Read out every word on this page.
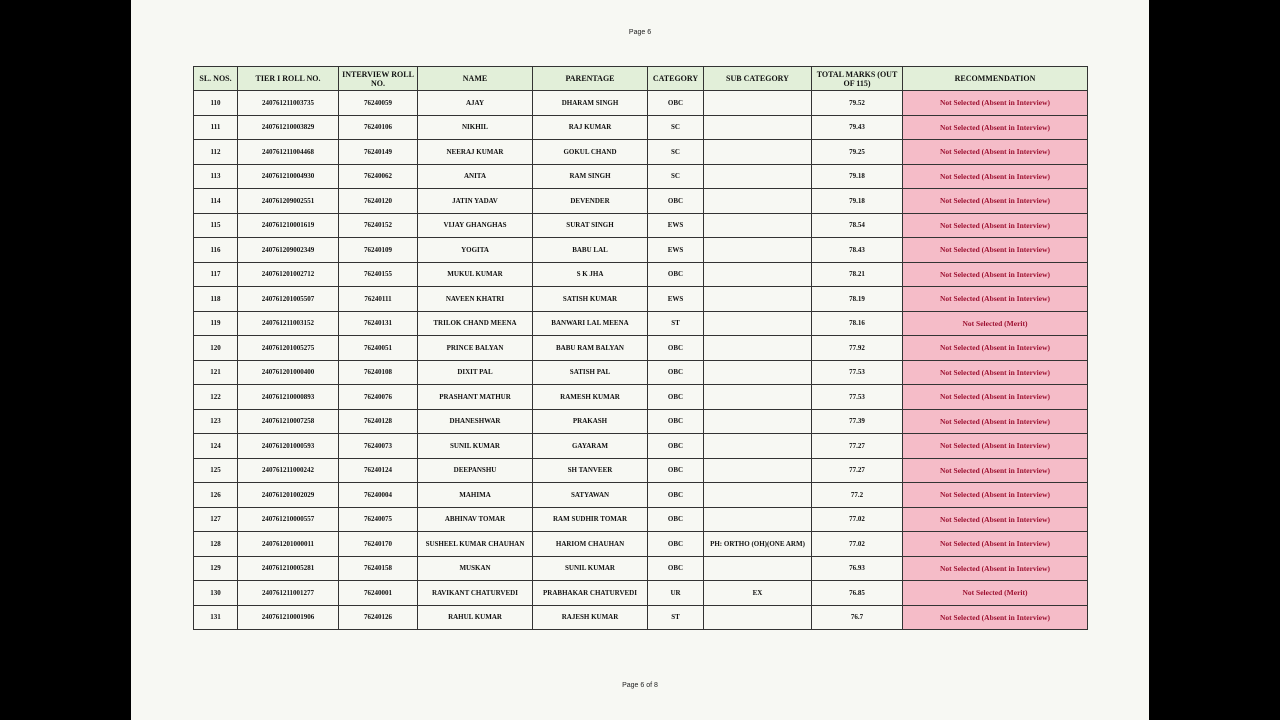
Page 6
SL. NOS.	TIER I ROLL NO.	INTERVIEW ROLL NO.	NAME	PARENTAGE	CATEGORY	SUB CATEGORY	TOTAL MARKS (OUT OF 115)	RECOMMENDATION
110	240761211003735	76240059	AJAY	DHARAM SINGH	OBC		79.52	Not Selected (Absent in Interview)
111	240761210003829	76240106	NIKHIL	RAJ KUMAR	SC		79.43	Not Selected (Absent in Interview)
112	240761211004468	76240149	NEERAJ KUMAR	GOKUL CHAND	SC		79.25	Not Selected (Absent in Interview)
113	240761210004930	76240062	ANITA	RAM SINGH	SC		79.18	Not Selected (Absent in Interview)
114	240761209002551	76240120	JATIN YADAV	DEVENDER	OBC		79.18	Not Selected (Absent in Interview)
115	240761210001619	76240152	VIJAY GHANGHAS	SURAT SINGH	EWS		78.54	Not Selected (Absent in Interview)
116	240761209002349	76240109	YOGITA	BABU LAL	EWS		78.43	Not Selected (Absent in Interview)
117	240761201002712	76240155	MUKUL KUMAR	S K JHA	OBC		78.21	Not Selected (Absent in Interview)
118	240761201005507	76240111	NAVEEN KHATRI	SATISH KUMAR	EWS		78.19	Not Selected (Absent in Interview)
119	240761211003152	76240131	TRILOK CHAND MEENA	BANWARI LAL MEENA	ST		78.16	Not Selected (Merit)
120	240761201005275	76240051	PRINCE BALYAN	BABU RAM BALYAN	OBC		77.92	Not Selected (Absent in Interview)
121	240761201000400	76240108	DIXIT PAL	SATISH PAL	OBC		77.53	Not Selected (Absent in Interview)
122	240761210000893	76240076	PRASHANT MATHUR	RAMESH KUMAR	OBC		77.53	Not Selected (Absent in Interview)
123	240761210007258	76240128	DHANESHWAR	PRAKASH	OBC		77.39	Not Selected (Absent in Interview)
124	240761201000593	76240073	SUNIL KUMAR	GAYARAM	OBC		77.27	Not Selected (Absent in Interview)
125	240761211000242	76240124	DEEPANSHU	SH TANVEER	OBC		77.27	Not Selected (Absent in Interview)
126	240761201002029	76240004	MAHIMA	SATYAWAN	OBC		77.2	Not Selected (Absent in Interview)
127	240761210000557	76240075	ABHINAV TOMAR	RAM SUDHIR TOMAR	OBC		77.02	Not Selected (Absent in Interview)
128	240761201000011	76240170	SUSHEEL KUMAR CHAUHAN	HARIOM CHAUHAN	OBC	PH: ORTHO (OH)(ONE ARM)	77.02	Not Selected (Absent in Interview)
129	240761210005281	76240158	MUSKAN	SUNIL KUMAR	OBC		76.93	Not Selected (Absent in Interview)
130	240761211001277	76240001	RAVIKANT CHATURVEDI	PRABHAKAR CHATURVEDI	UR	EX	76.85	Not Selected (Merit)
131	240761210001906	76240126	RAHUL KUMAR	RAJESH KUMAR	ST		76.7	Not Selected (Absent in Interview)
Page 6 of 8
